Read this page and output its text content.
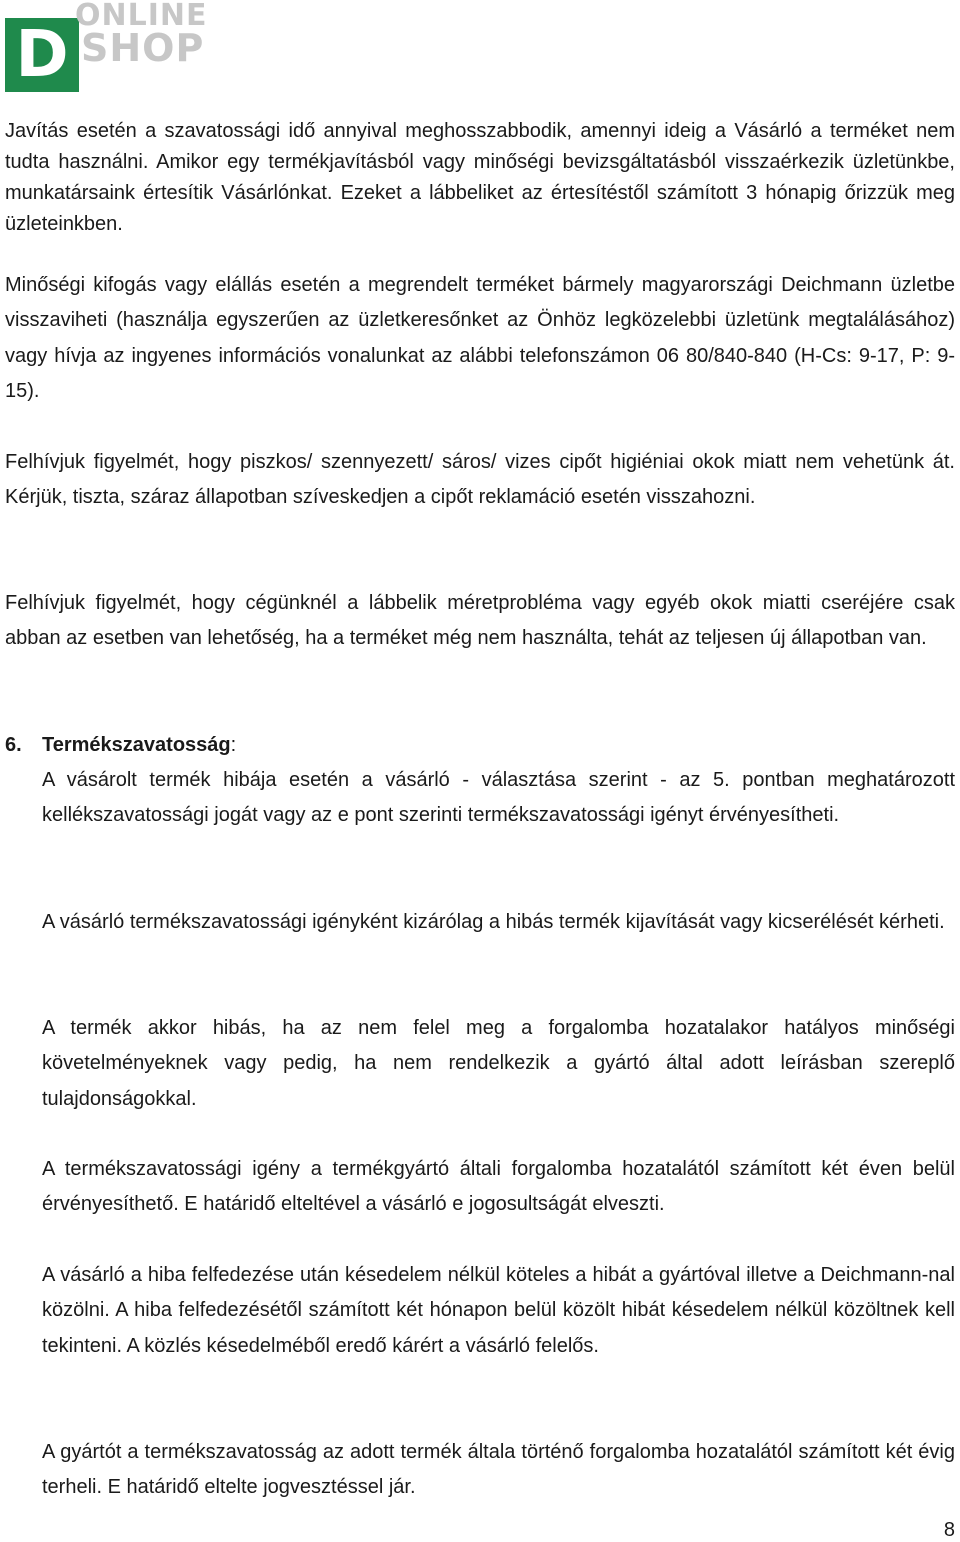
D
ONLINE
SHOP

Javítás esetén a szavatossági idő annyival meghosszabbodik, amennyi ideig a Vásárló a terméket nem tudta használni. Amikor egy termékjavításból vagy minőségi bevizsgáltatásból visszaérkezik üzletünkbe, munkatársaink értesítik Vásárlónkat. Ezeket a lábbeliket az értesítéstől számított 3 hónapig őrizzük meg üzleteinkben.

Minőségi kifogás vagy elállás esetén a megrendelt terméket bármely magyarországi Deichmann üzletbe visszaviheti (használja egyszerűen az üzletkeresőnket az Önhöz legközelebbi üzletünk megtalálásához) vagy hívja az ingyenes információs vonalunkat az alábbi telefonszámon 06 80/840-840 (H-Cs: 9-17, P: 9-15).

Felhívjuk figyelmét, hogy piszkos/ szennyezett/ sáros/ vizes cipőt higiéniai okok miatt nem vehetünk át. Kérjük, tiszta, száraz állapotban szíveskedjen a cipőt reklamáció esetén visszahozni.

Felhívjuk figyelmét, hogy cégünknél a lábbelik méretprobléma vagy egyéb okok miatti cseréjére csak abban az esetben van lehetőség, ha a terméket még nem használta, tehát az teljesen új állapotban van.

6. Termékszavatosság:

A vásárolt termék hibája esetén a vásárló - választása szerint - az 5. pontban meghatározott kellékszavatossági jogát vagy az e pont szerinti termékszavatossági igényt érvényesítheti.

A vásárló termékszavatossági igényként kizárólag a hibás termék kijavítását vagy kicserélését kérheti.

A termék akkor hibás, ha az nem felel meg a forgalomba hozatalakor hatályos minőségi követelményeknek vagy pedig, ha nem rendelkezik a gyártó által adott leírásban szereplő tulajdonságokkal.

A termékszavatossági igény a termékgyártó általi forgalomba hozatalától számított két éven belül érvényesíthető. E határidő elteltével a vásárló e jogosultságát elveszti.

A vásárló a hiba felfedezése után késedelem nélkül köteles a hibát a gyártóval illetve a Deichmann-nal közölni. A hiba felfedezésétől számított két hónapon belül közölt hibát késedelem nélkül közöltnek kell tekinteni. A közlés késedelméből eredő kárért a vásárló felelős.

A gyártót a termékszavatosság az adott termék általa történő forgalomba hozatalától számított két évig terheli. E határidő eltelte jogvesztéssel jár.

8
